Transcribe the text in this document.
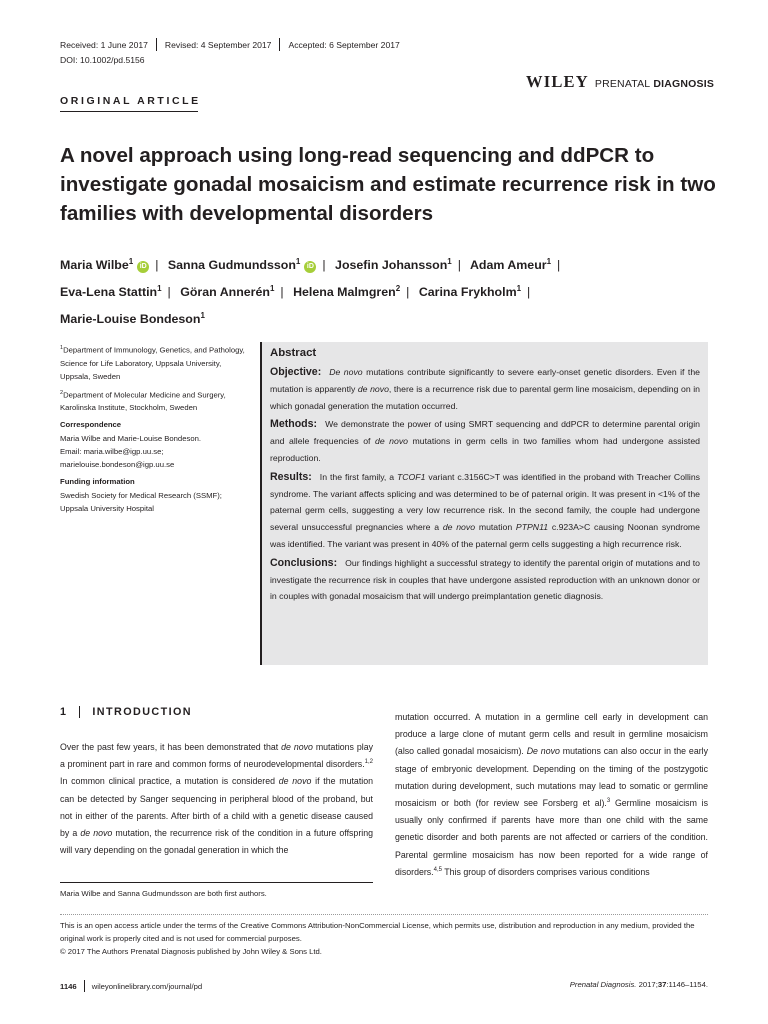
Received: 1 June 2017 Revised: 4 September 2017 Accepted: 6 September 2017
DOI: 10.1002/pd.5156
WILEY PRENATAL DIAGNOSIS
ORIGINAL ARTICLE
A novel approach using long-read sequencing and ddPCR to investigate gonadal mosaicism and estimate recurrence risk in two families with developmental disorders
Maria Wilbe$^1$iD | Sanna Gudmundsson$^1$iD | Josefin Johansson$^1$ | Adam Ameur$^1$ |
Eva-Lena Stattin$^1$ | Göran Annerén$^1$ | Helena Malmgren$^2$ | Carina Frykholm$^1$ |
Marie-Louise Bondeson$^1$

$^1$Department of Immunology, Genetics, and Pathology, Science for Life Laboratory, Uppsala University, Uppsala, Sweden

$^2$Department of Molecular Medicine and Surgery, Karolinska Institute, Stockholm, Sweden

Correspondence

Maria Wilbe and Marie-Louise Bondeson.
Email: maria.wilbe@igp.uu.se; marielouise.bondeson@igp.uu.se

Funding information

Swedish Society for Medical Research (SSMF); Uppsala University Hospital

Abstract

Objective: De novo mutations contribute significantly to severe early-onset genetic disorders. Even if the mutation is apparently de novo, there is a recurrence risk due to parental germ line mosaicism, depending on in which gonadal generation the mutation occurred.

Methods: We demonstrate the power of using SMRT sequencing and ddPCR to determine parental origin and allele frequencies of de novo mutations in germ cells in two families whom had undergone assisted reproduction.

Results: In the first family, a TCOF1 variant c.3156C>T was identified in the proband with Treacher Collins syndrome. The variant affects splicing and was determined to be of paternal origin. It was present in <1% of the paternal germ cells, suggesting a very low recurrence risk. In the second family, the couple had undergone several unsuccessful pregnancies where a de novo mutation PTPN11 c.923A>C causing Noonan syndrome was identified. The variant was present in 40% of the paternal germ cells suggesting a high recurrence risk.

Conclusions: Our findings highlight a successful strategy to identify the parental origin of mutations and to investigate the recurrence risk in couples that have undergone assisted reproduction with an unknown donor or in couples with gonadal mosaicism that will undergo preimplantation genetic diagnosis.

1 INTRODUCTION

Over the past few years, it has been demonstrated that de novo mutations play a prominent part in rare and common forms of neurodevelopmental disorders.$^{1,2}$ In common clinical practice, a mutation is considered de novo if the mutation can be detected by Sanger sequencing in peripheral blood of the proband, but not in either of the parents. After birth of a child with a genetic disease caused by a de novo mutation, the recurrence risk of the condition in a future offspring will vary depending on the gonadal generation in which the

mutation occurred. A mutation in a germline cell early in development can produce a large clone of mutant germ cells and result in germline mosaicism (also called gonadal mosaicism). De novo mutations can also occur in the early stage of embryonic development. Depending on the timing of the postzygotic mutation during development, such mutations may lead to somatic or germline mosaicism or both (for review see Forsberg et al).$^3$ Germline mosaicism is usually only confirmed if parents have more than one child with the same genetic disorder and both parents are not affected or carriers of the condition. Parental germline mosaicism has now been reported for a wide range of disorders.$^{4,5}$ This group of disorders comprises various conditions

Maria Wilbe and Sanna Gudmundsson are both first authors.
This is an open access article under the terms of the Creative Commons Attribution-NonCommercial License, which permits use, distribution and reproduction in any medium, provided the original work is properly cited and is not used for commercial purposes.
© 2017 The Authors Prenatal Diagnosis published by John Wiley & Sons Ltd.
1146 wileyonlinelibrary.com/journal/pd	Prenatal Diagnosis. 2017;37:1146–1154.
